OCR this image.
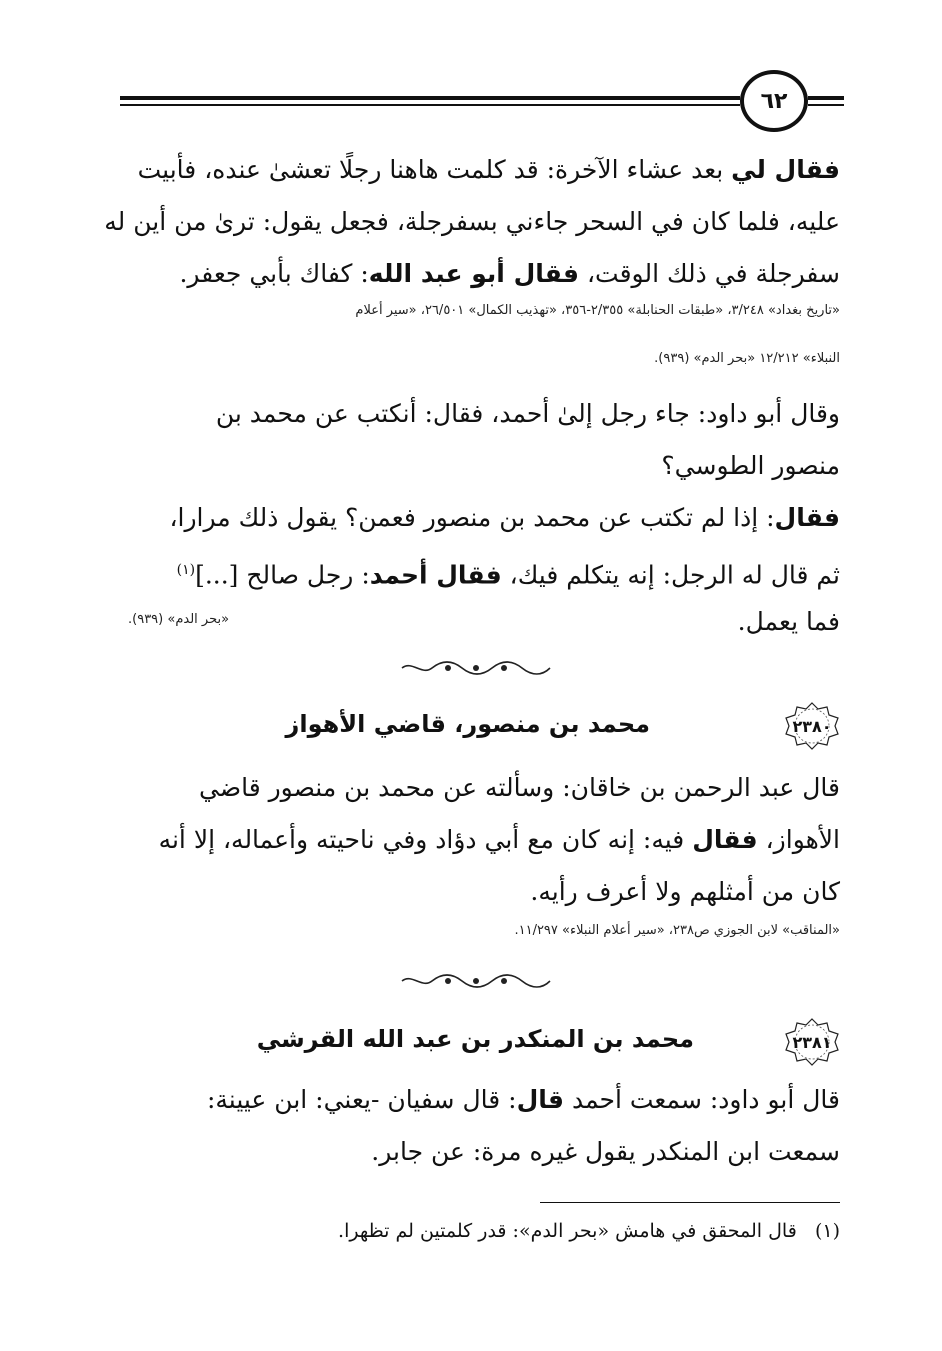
٦٢
فقال لي بعد عشاء الآخرة: قد كلمت هاهنا رجلًا تعشىٰ عنده، فأبيت
عليه، فلما كان في السحر جاءني بسفرجلة، فجعل يقول: ترىٰ من أين له
سفرجلة في ذلك الوقت، فقال أبو عبد الله: كفاك بأبي جعفر.
«تاريخ بغداد» ٣/٢٤٨، «طبقات الحنابلة» ٢/٣٥٥-٣٥٦، «تهذيب الكمال» ٢٦/٥٠١، «سير أعلام
النبلاء» ١٢/٢١٢ «بحر الدم» (٩٣٩).
وقال أبو داود: جاء رجل إلىٰ أحمد، فقال: أنكتب عن محمد بن
منصور الطوسي؟
فقال: إذا لم تكتب عن محمد بن منصور فعمن؟ يقول ذلك مرارا،
ثم قال له الرجل: إنه يتكلم فيك، فقال أحمد: رجل صالح [...]$^{(١)}$
فما يعمل.
«بحر الدم» (٩٣٩).
٢٣٨٠
محمد بن منصور، قاضي الأهواز
قال عبد الرحمن بن خاقان: وسألته عن محمد بن منصور قاضي
الأهواز، فقال فيه: إنه كان مع أبي دؤاد وفي ناحيته وأعماله، إلا أنه
كان من أمثلهم ولا أعرف رأيه.
«المناقب» لابن الجوزي ص٢٣٨، «سير أعلام النبلاء» ١١/٢٩٧.
٢٣٨١
محمد بن المنكدر بن عبد الله القرشي
قال أبو داود: سمعت أحمد قال: قال سفيان -يعني: ابن عيينة:
سمعت ابن المنكدر يقول غيره مرة: عن جابر.
(١)   قال المحقق في هامش «بحر الدم»: قدر كلمتين لم تظهرا.
